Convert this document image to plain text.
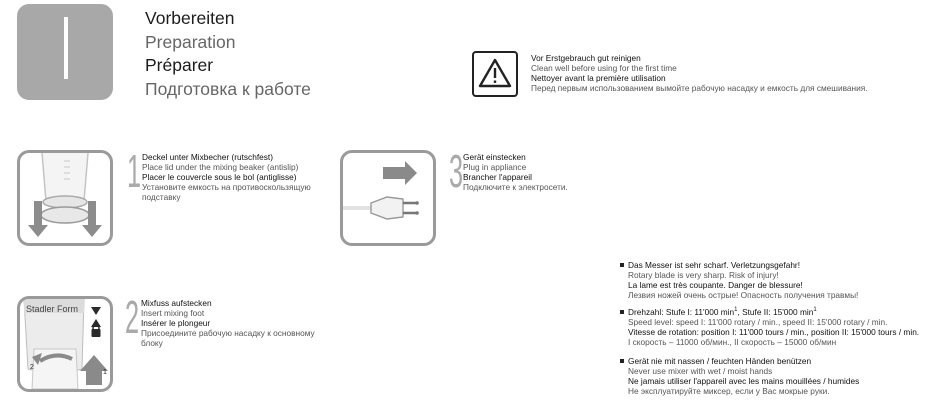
Vorbereiten
Preparation
Préparer
Подготовка к работе
Vor Erstgebrauch gut reinigen
Clean well before using for the first time
Nettoyer avant la première utilisation
Перед первым использованием вымойте рабочую насадку и емкость для смешивания.
1 Deckel unter Mixbecher (rutschfest)
Place lid under the mixing beaker (antislip)
Placer le couvercle sous le bol (antiglisse)
Установите емкость на противоскользящую
подставку	3 Gerät einstecken
Plug in appliance
Brancher l'appareil
Подключите к электросети.
Stadler Form
2
1
2 Mixfuss aufstecken
Insert mixing foot
Insérer le plongeur
Присоедините рабочую насадку к основному
блоку
Das Messer ist sehr scharf. Verletzungsgefahr!
Rotary blade is very sharp. Risk of injury!
La lame est très coupante. Danger de blessure!
Лезвия ножей очень острые! Опасность получения травмы!
Drehzahl: Stufe I: 11'000 $\min^1$, Stufe II: 15'000 $\min^1$
Speed level: speed I: 11'000 rotary / min., speed II: 15'000 rotary / min.
Vitesse de rotation: position I: 11'000 tours / min., position II: 15'000 tours / min.
I скорость – 11000 об/мин., II скорость – 15000 об/мин
Gerät nie mit nassen / feuchten Händen benützen
Never use mixer with wet / moist hands
Ne jamais utiliser l'appareil avec les mains mouillées / humides
Не эксплуатируйте миксер, если у Вас мокрые руки.
